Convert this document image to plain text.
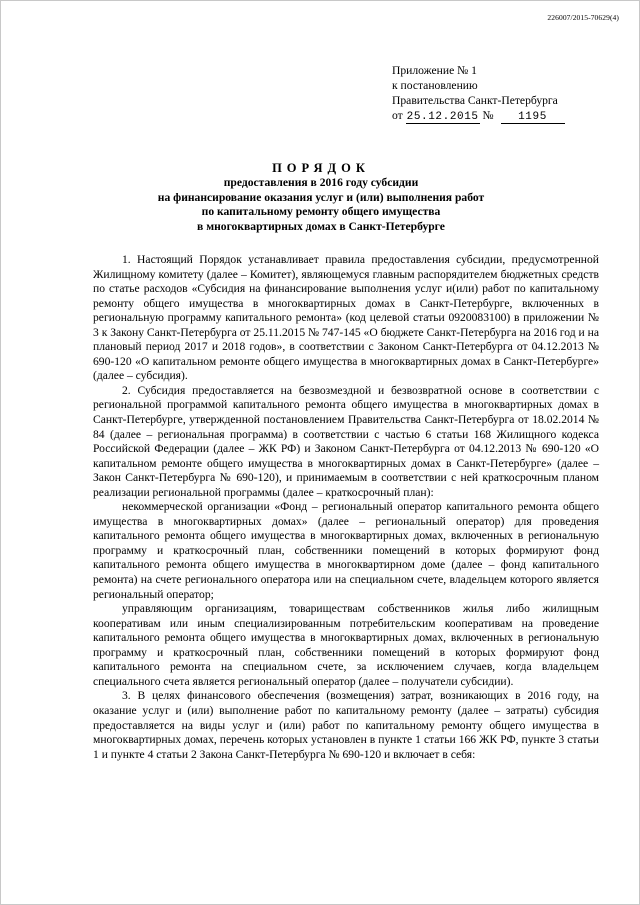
226007/2015-70629(4)
Приложение № 1
к постановлению
Правительства Санкт-Петербурга
от 25.12.2015 № 1195
ПОРЯДОК
предоставления в 2016 году субсидии
на финансирование оказания услуг и (или) выполнения работ
по капитальному ремонту общего имущества
в многоквартирных домах в Санкт-Петербурге

1. Настоящий Порядок устанавливает правила предоставления субсидии, предусмотренной Жилищному комитету (далее – Комитет), являющемуся главным распорядителем бюджетных средств по статье расходов «Субсидия на финансирование выполнения услуг и(или) работ по капитальному ремонту общего имущества в многоквартирных домах в Санкт-Петербурге, включенных в региональную программу капитального ремонта» (код целевой статьи 0920083100) в приложении № 3 к Закону Санкт-Петербурга от 25.11.2015 № 747-145 «О бюджете Санкт-Петербурга на 2016 год и на плановый период 2017 и 2018 годов», в соответствии с Законом Санкт-Петербурга от 04.12.2013 № 690-120 «О капитальном ремонте общего имущества в многоквартирных домах в Санкт-Петербурге» (далее – субсидия).

2. Субсидия предоставляется на безвозмездной и безвозвратной основе в соответствии с региональной программой капитального ремонта общего имущества в многоквартирных домах в Санкт-Петербурге, утвержденной постановлением Правительства Санкт-Петербурга от 18.02.2014 № 84 (далее – региональная программа) в соответствии с частью 6 статьи 168 Жилищного кодекса Российской Федерации (далее – ЖК РФ) и Законом Санкт-Петербурга от 04.12.2013 № 690-120 «О капитальном ремонте общего имущества в многоквартирных домах в Санкт-Петербурге» (далее – Закон Санкт-Петербурга № 690-120), и принимаемым в соответствии с ней краткосрочным планом реализации региональной программы (далее – краткосрочный план):

некоммерческой организации «Фонд – региональный оператор капитального ремонта общего имущества в многоквартирных домах» (далее – региональный оператор) для проведения капитального ремонта общего имущества в многоквартирных домах, включенных в региональную программу и краткосрочный план, собственники помещений в которых формируют фонд капитального ремонта общего имущества в многоквартирном доме (далее – фонд капитального ремонта) на счете регионального оператора или на специальном счете, владельцем которого является региональный оператор;

управляющим организациям, товариществам собственников жилья либо жилищным кооперативам или иным специализированным потребительским кооперативам на проведение капитального ремонта общего имущества в многоквартирных домах, включенных в региональную программу и краткосрочный план, собственники помещений в которых формируют фонд капитального ремонта на специальном счете, за исключением случаев, когда владельцем специального счета является региональный оператор (далее – получатели субсидии).

3. В целях финансового обеспечения (возмещения) затрат, возникающих в 2016 году, на оказание услуг и (или) выполнение работ по капитальному ремонту (далее – затраты) субсидия предоставляется на виды услуг и (или) работ по капитальному ремонту общего имущества в многоквартирных домах, перечень которых установлен в пункте 1 статьи 166 ЖК РФ, пункте 3 статьи 1 и пункте 4 статьи 2 Закона Санкт-Петербурга № 690-120 и включает в себя:
